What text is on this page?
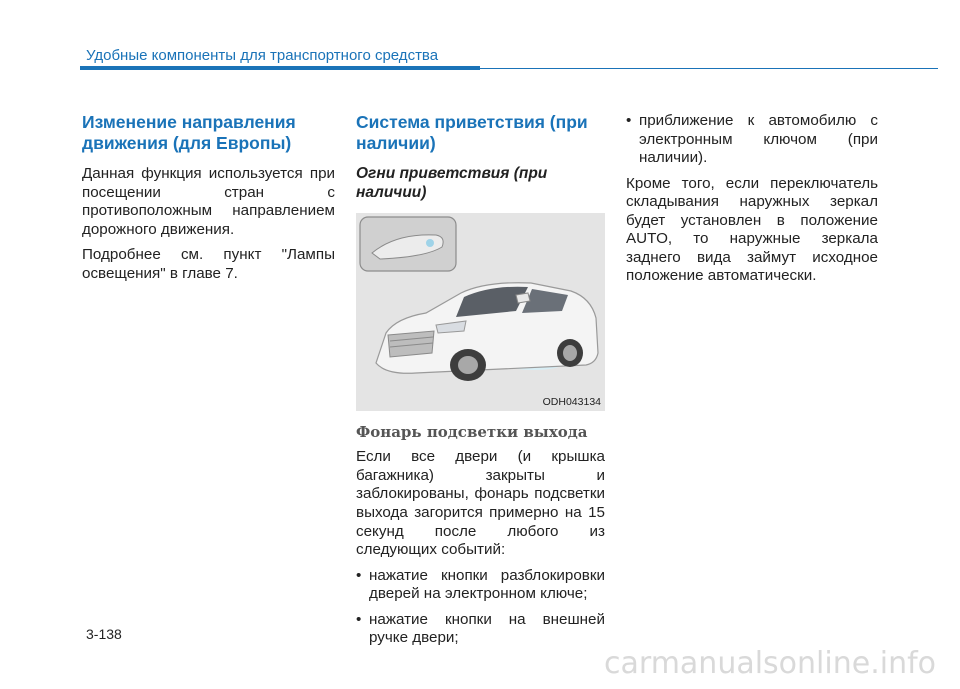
Удобные компоненты для транспортного средства
Изменение направления движения (для Европы)

Данная функция используется при посещении стран с противоположным направлением дорожного движения.

Подробнее см. пункт "Лампы освещения" в главе 7.

Система приветствия (при наличии)
Огни приветствия (при наличии)
ODH043134
Фонарь подсветки выхода

Если все двери (и крышка багажника) закрыты и заблокированы, фонарь подсветки выхода загорится примерно на 15 секунд после любого из следующих событий:

• нажатие кнопки разблокировки дверей на электронном ключе;
• нажатие кнопки на внешней ручке двери;
• приближение к автомобилю с электронным ключом (при наличии).

Кроме того, если переключатель складывания наружных зеркал будет установлен в положение AUTO, то наружные зеркала заднего вида займут исходное положение автоматически.

3-138
carmanualsonline.info
